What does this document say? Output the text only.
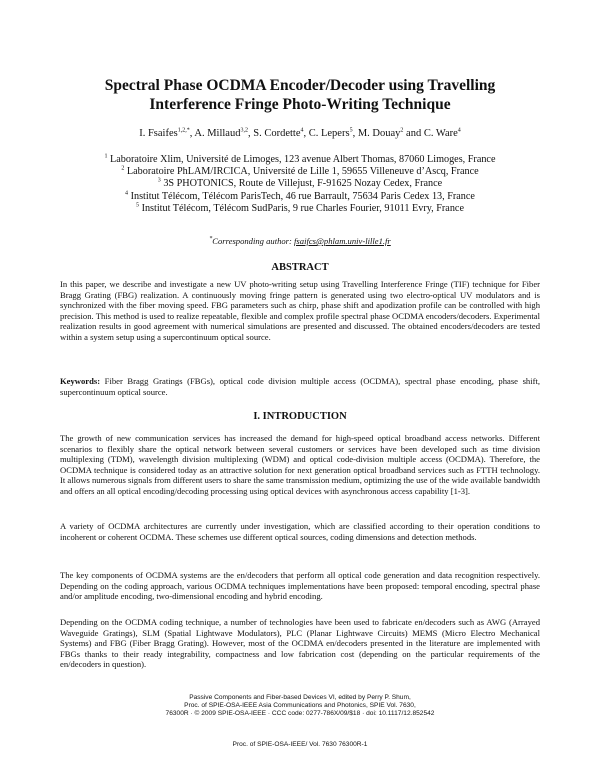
Spectral Phase OCDMA Encoder/Decoder using Travelling
Interference Fringe Photo-Writing Technique
I. Fsaifes$^{1,2,*}$, A. Millaud$^{3,2}$, S. Cordette$^4$, C. Lepers$^5$, M. Douay$^2$ and C. Ware$^4$
$^1$ Laboratoire Xlim, Université de Limoges, 123 avenue Albert Thomas, 87060 Limoges, France
$^2$ Laboratoire PhLAM/IRCICA, Université de Lille 1, 59655 Villeneuve d’Ascq, France
$^3$ 3S PHOTONICS, Route de Villejust, F-91625 Nozay Cedex, France
$^4$ Institut Télécom, Télécom ParisTech, 46 rue Barrault, 75634 Paris Cedex 13, France
$^5$ Institut Télécom, Télécom SudParis, 9 rue Charles Fourier, 91011 Evry, France
*Corresponding author: fsaifcs@phlam.univ-lille1.fr
ABSTRACT
In this paper, we describe and investigate a new UV photo-writing setup using Travelling Interference Fringe (TIF) technique for Fiber Bragg Grating (FBG) realization. A continuously moving fringe pattern is generated using two electro-optical UV modulators and is synchronized with the fiber moving speed. FBG parameters such as chirp, phase shift and apodization profile can be controlled with high precision. This method is used to realize repeatable, flexible and complex profile spectral phase OCDMA encoders/decoders. Experimental realization results in good agreement with numerical simulations are presented and discussed. The obtained encoders/decoders are tested within a system setup using a supercontinuum optical source.
Keywords: Fiber Bragg Gratings (FBGs), optical code division multiple access (OCDMA), spectral phase encoding, phase shift, supercontinuum optical source.
I. INTRODUCTION
The growth of new communication services has increased the demand for high-speed optical broadband access networks. Different scenarios to flexibly share the optical network between several customers or services have been developed such as time division multiplexing (TDM), wavelength division multiplexing (WDM) and optical code-division multiple access (OCDMA). Therefore, the OCDMA technique is considered today as an attractive solution for next generation optical broadband services such as FTTH technology. It allows numerous signals from different users to share the same transmission medium, optimizing the use of the wide available bandwidth and offers an all optical encoding/decoding processing using optical devices with asynchronous access capability [1-3].
A variety of OCDMA architectures are currently under investigation, which are classified according to their operation conditions to incoherent or coherent OCDMA. These schemes use different optical sources, coding dimensions and detection methods.
The key components of OCDMA systems are the en/decoders that perform all optical code generation and data recognition respectively. Depending on the coding approach, various OCDMA techniques implementations have been proposed: temporal encoding, spectral phase and/or amplitude encoding, two-dimensional encoding and hybrid encoding.
Depending on the OCDMA coding technique, a number of technologies have been used to fabricate en/decoders such as AWG (Arrayed Waveguide Gratings), SLM (Spatial Lightwave Modulators), PLC (Planar Lightwave Circuits) MEMS (Micro Electro Mechanical Systems) and FBG (Fiber Bragg Grating). However, most of the OCDMA en/decoders presented in the literature are implemented with FBGs thanks to their ready integrability, compactness and low fabrication cost (depending on the particular requirements of the en/decoders in question).
Passive Components and Fiber-based Devices VI, edited by Perry P. Shum,
Proc. of SPIE-OSA-IEEE Asia Communications and Photonics, SPIE Vol. 7630,
76300R · © 2009 SPIE-OSA-IEEE · CCC code: 0277-786X/09/$18 · doi: 10.1117/12.852542
Proc. of SPIE-OSA-IEEE/ Vol. 7630 76300R-1
